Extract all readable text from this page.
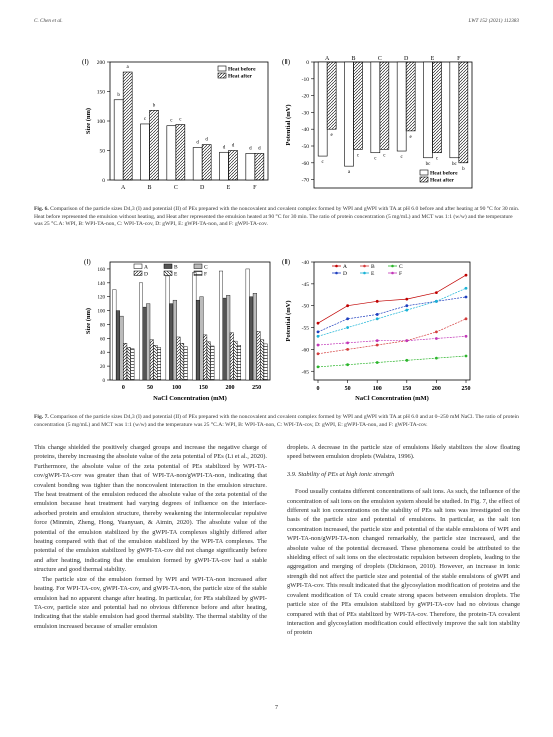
C. Chen et al.	LWT 152 (2021) 112383
(Ⅰ)
0
50
100
150
200
Size (nm)
b
a
A
c
b
B
c c
C
d
d
D
d d
E
d d
F
Heat before
Heat after
(Ⅱ)	0
-10
-20
-30
-40
-50
-60
-70
Potential (mV)
c
e
A
a
c
B
c
c
C
c
e
D
bc
c
E
bc
b
F
Heat before
Heat after
Fig. 6. Comparison of the particle sizes D4,3 (I) and potential (II) of PEs prepared with the noncovalent and covalent complex formed by WPI and gWPI with TA at pH 6.0 before and after heating at 90 °C for 30 min. Heat before represented the emulsion without heating, and Heat after represented the emulsion heated at 90 °C for 30 min. The ratio of protein concentration (5 mg/mL) and MCT was 1:1 (w/w) and the temperature was 25 °C.A: WPI, B: WPI-TA-non, C: WPI-TA-cov, D: gWPI, E: gWPI-TA-non, and F: gWPI-TA-cov.
(Ⅰ)
0
20
40
60
80
100
120
140
160
Size (nm)
NaCl Concentration (mM)
0	50	100	150	200	250
A	B	C
D	E	F
(Ⅱ) -40
-45
-50
-55
-60
-65
0	50	100	150	200	250
Potential (mV)
NaCl Concentration (mM)
A	B	C
D	E	F
Fig. 7. Comparison of the particle sizes D4,3 (I) and potential (II) of PEs prepared with the noncovalent and covalent complex formed by WPI and gWPI with TA at pH 6.0 and at 0–250 mM NaCl. The ratio of protein concentration (5 mg/mL) and MCT was 1:1 (w/w) and the temperature was 25 °C.A: WPI, B: WPI-TA-non, C: WPI-TA-cov, D: gWPI, E: gWPI-TA-non, and F: gWPI-TA-cov.

This change shielded the positively charged groups and increase the negative charge of proteins, thereby increasing the absolute value of the zeta potential of PEs (Li et al., 2020). Furthermore, the absolute value of the zeta potential of PEs stabilized by WPI-TA-cov/gWPI-TA-cov was greater than that of WPI-TA-non/gWPI-TA-non, indicating that covalent bonding was tighter than the noncovalent interaction in the emulsion structure. The heat treatment of the emulsion reduced the absolute value of the zeta potential of the emulsion because heat treatment had varying degrees of influence on the interface-adsorbed protein and emulsion structure, thereby weakening the intermolecular repulsive force (Minmin, Zheng, Hong, Yuanyuan, & Aimin, 2020). The absolute value of the potential of the emulsion stabilized by the gWPI-TA complexes slightly differed after heating compared with that of the emulsion stabilized by the WPI-TA complexes. The potential of the emulsion stabilized by gWPI-TA-cov did not change significantly before and after heating, indicating that the emulsion formed by gWPI-TA-cov had a stable structure and good thermal stability.

The particle size of the emulsion formed by WPI and WPI-TA-non increased after heating. For WPI-TA-cov, gWPI-TA-cov, and gWPI-TA-non, the particle size of the stable emulsion had no apparent change after heating. In particular, for PEs stabilized by gWPI-TA-cov, particle size and potential had no obvious difference before and after heating, indicating that the stable emulsion had good thermal stability. The thermal stability of the emulsion increased because of smaller emulsion

droplets. A decrease in the particle size of emulsions likely stabilizes the slow floating speed between emulsion droplets (Walstra, 1996).

3.9. Stability of PEs at high ionic strength

Food usually contains different concentrations of salt ions. As such, the influence of the concentration of salt ions on the emulsion system should be studied. In Fig. 7, the effect of different salt ion concentrations on the stability of PEs salt ions was investigated on the basis of the particle size and potential of emulsions. In particular, as the salt ion concentration increased, the particle size and potential of the stable emulsions of WPI and WPI-TA-non/gWPI-TA-non changed remarkably, the particle size increased, and the absolute value of the potential decreased. These phenomena could be attributed to the shielding effect of salt ions on the electrostatic repulsion between droplets, leading to the aggregation and merging of droplets (Dickinson, 2010). However, an increase in ionic strength did not affect the particle size and potential of the stable emulsions of gWPI and gWPI-TA-cov. This result indicated that the glycosylation modification of proteins and the covalent modification of TA could create strong spaces between emulsion droplets. The particle size of the PEs emulsion stabilized by gWPI-TA-cov had no obvious change compared with that of PEs stabilized by WPI-TA-cov. Therefore, the protein-TA covalent interaction and glycosylation modification could effectively improve the salt ion stability of protein

7
